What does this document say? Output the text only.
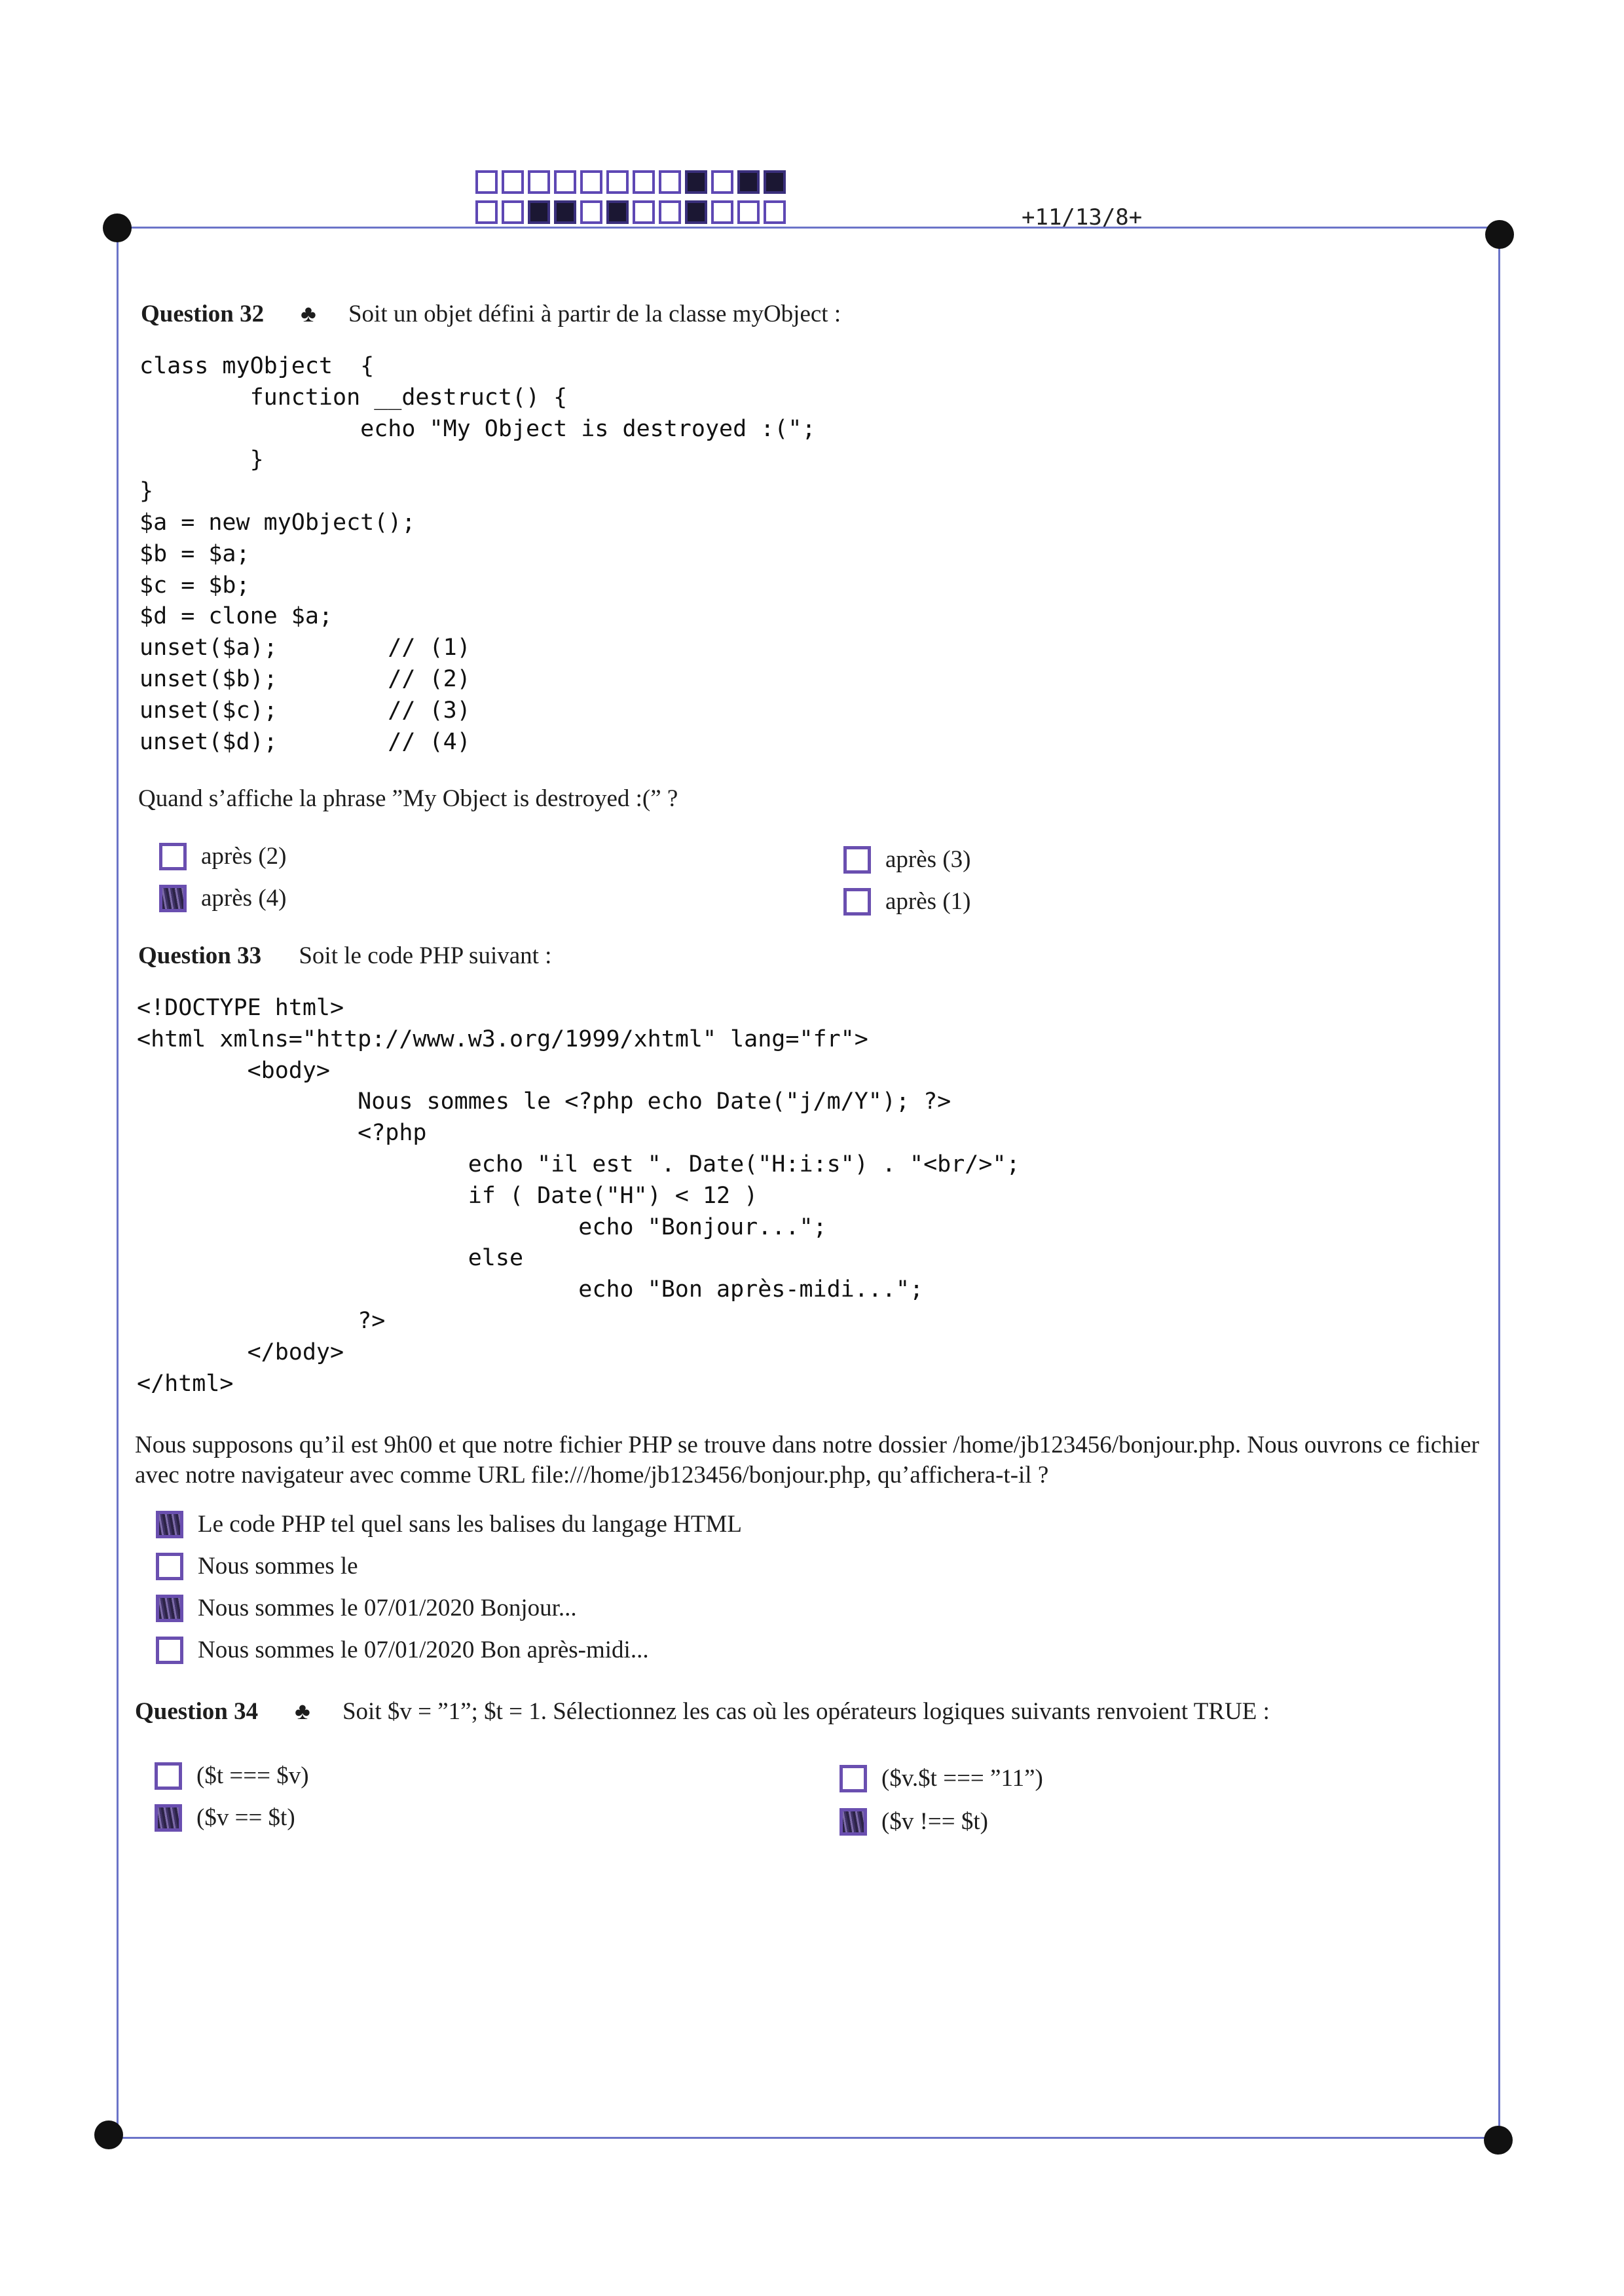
+11/13/8+
Question 32 ♣ Soit un objet défini à partir de la classe myObject :
class myObject  {
function __destruct() {
echo "My Object is destroyed :(";
}
}
$a = new myObject();
$b = $a;
$c = $b;
$d = clone $a;
unset($a);        // (1)
unset($b);        // (2)
unset($c);        // (3)
unset($d);        // (4)
Quand s’affiche la phrase ”My Object is destroyed :(” ?
après (2)	après (3)
après (4)	après (1)
Question 33 Soit le code PHP suivant :
<!DOCTYPE html>
<html xmlns="http://www.w3.org/1999/xhtml" lang="fr">
<body>
Nous sommes le <?php echo Date("j/m/Y"); ?>
<?php
echo "il est ". Date("H:i:s") . "<br/>";
if ( Date("H") < 12 )
echo "Bonjour...";
else
echo "Bon après-midi...";
?>
</body>
</html>
Nous supposons qu’il est 9h00 et que notre fichier PHP se trouve dans notre dossier /home/jb123456/bonjour.php. Nous ouvrons ce fichier avec notre navigateur avec comme URL file:///home/jb123456/bonjour.php, qu’affichera-t-il ?
Le code PHP tel quel sans les balises du langage HTML
Nous sommes le
Nous sommes le 07/01/2020 Bonjour...
Nous sommes le 07/01/2020 Bon après-midi...
Question 34 ♣ Soit $v = ”1”; $t = 1. Sélectionnez les cas où les opérateurs logiques suivants renvoient TRUE :
($t === $v)	($v.$t === ”11”)
($v == $t)	($v !== $t)
